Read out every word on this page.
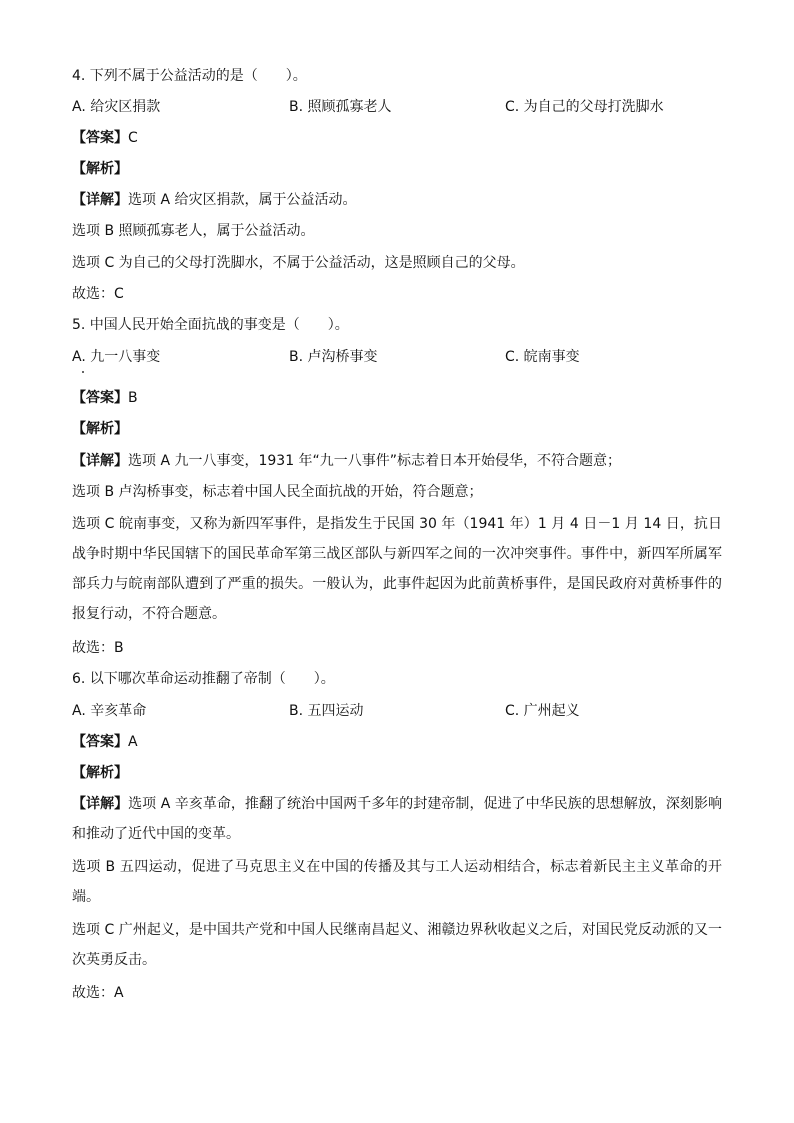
4. 下列不属于公益活动的是（　　）。
A. 给灾区捐款	B. 照顾孤寡老人	C. 为自己的父母打洗脚水
【答案】C
【解析】
【详解】选项 A 给灾区捐款，属于公益活动。
选项 B 照顾孤寡老人，属于公益活动。
选项 C 为自己的父母打洗脚水，不属于公益活动，这是照顾自己的父母。
故选：C
5. 中国人民开始全面抗战的事变是（　　）。
A. 九一八事变	B. 卢沟桥事变	C. 皖南事变
【答案】B
【解析】
【详解】选项 A 九一八事变，1931 年“九一八事件”标志着日本开始侵华，不符合题意；
选项 B 卢沟桥事变，标志着中国人民全面抗战的开始，符合题意；
选项 C 皖南事变，又称为新四军事件，是指发生于民国 30 年（1941 年）1 月 4 日－1 月 14 日，抗日战争时期中华民国辖下的国民革命军第三战区部队与新四军之间的一次冲突事件。事件中，新四军所属军部兵力与皖南部队遭到了严重的损失。一般认为，此事件起因为此前黄桥事件，是国民政府对黄桥事件的报复行动，不符合题意。
故选：B
6. 以下哪次革命运动推翻了帝制（　　）。
A. 辛亥革命	B. 五四运动	C. 广州起义
【答案】A
【解析】
【详解】选项 A 辛亥革命，推翻了统治中国两千多年的封建帝制，促进了中华民族的思想解放，深刻影响和推动了近代中国的变革。
选项 B 五四运动，促进了马克思主义在中国的传播及其与工人运动相结合，标志着新民主主义革命的开端。
选项 C 广州起义，是中国共产党和中国人民继南昌起义、湘赣边界秋收起义之后，对国民党反动派的又一次英勇反击。
故选：A
